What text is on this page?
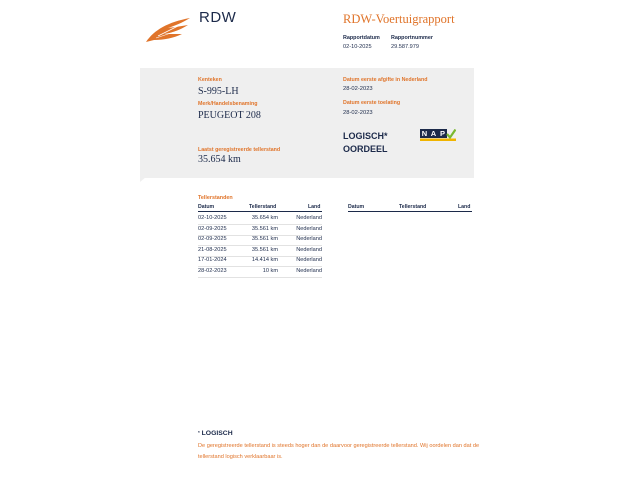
RDW	RDW-Voertuigrapport
Rapportdatum Rapportnummer
02-10-2025	29.587.979
Kenteken
S-995-LH
Merk/Handelsbenaming
PEUGEOT 208
Laatst geregistreerde tellerstand
35.654 km
Datum eerste afgifte in Nederland
28-02-2023
Datum eerste toelating
28-02-2023
LOGISCH*
OORDEEL
N A P
Tellerstanden
Datum	Tellerstand	Land	Datum	Tellerstand	Land
02-10-2025	35.654 km	Nederland
02-09-2025	35.561 km	Nederland
02-09-2025	35.561 km	Nederland
21-08-2025	35.561 km	Nederland
17-01-2024	14.414 km	Nederland
28-02-2023	10 km	Nederland
* LOGISCH
De geregistreerde tellerstand is steeds hoger dan de daarvoor geregistreerde tellerstand. Wij oordelen dan dat de tellerstand logisch verklaarbaar is.
